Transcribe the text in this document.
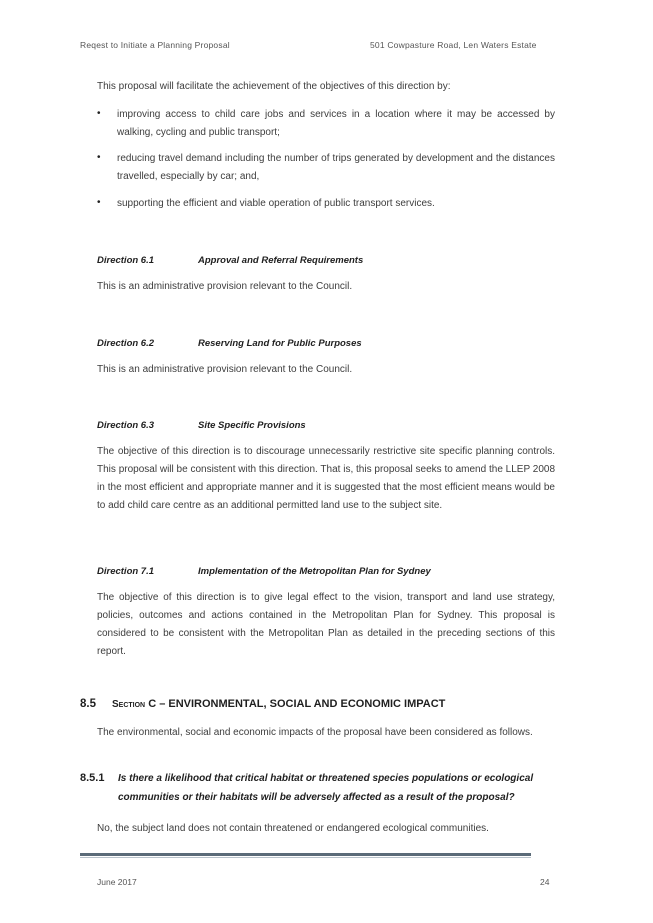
Reqest to Initiate a Planning Proposal	501 Cowpasture Road, Len Waters Estate
This proposal will facilitate the achievement of the objectives of this direction by:
• improving access to child care jobs and services in a location where it may be accessed by walking, cycling and public transport;
• reducing travel demand including the number of trips generated by development and the distances travelled, especially by car; and,
• supporting the efficient and viable operation of public transport services.
Direction 6.1	Approval and Referral Requirements
This is an administrative provision relevant to the Council.
Direction 6.2	Reserving Land for Public Purposes
This is an administrative provision relevant to the Council.
Direction 6.3	Site Specific Provisions
The objective of this direction is to discourage unnecessarily restrictive site specific planning controls. This proposal will be consistent with this direction. That is, this proposal seeks to amend the LLEP 2008 in the most efficient and appropriate manner and it is suggested that the most efficient means would be to add child care centre as an additional permitted land use to the subject site.
Direction 7.1	Implementation of the Metropolitan Plan for Sydney
The objective of this direction is to give legal effect to the vision, transport and land use strategy, policies, outcomes and actions contained in the Metropolitan Plan for Sydney. This proposal is considered to be consistent with the Metropolitan Plan as detailed in the preceding sections of this report.
8.5 Section C – ENVIRONMENTAL, SOCIAL AND ECONOMIC IMPACT
The environmental, social and economic impacts of the proposal have been considered as follows.
8.5.1 Is there a likelihood that critical habitat or threatened species populations or ecological communities or their habitats will be adversely affected as a result of the proposal?
No, the subject land does not contain threatened or endangered ecological communities.
June 2017	24
